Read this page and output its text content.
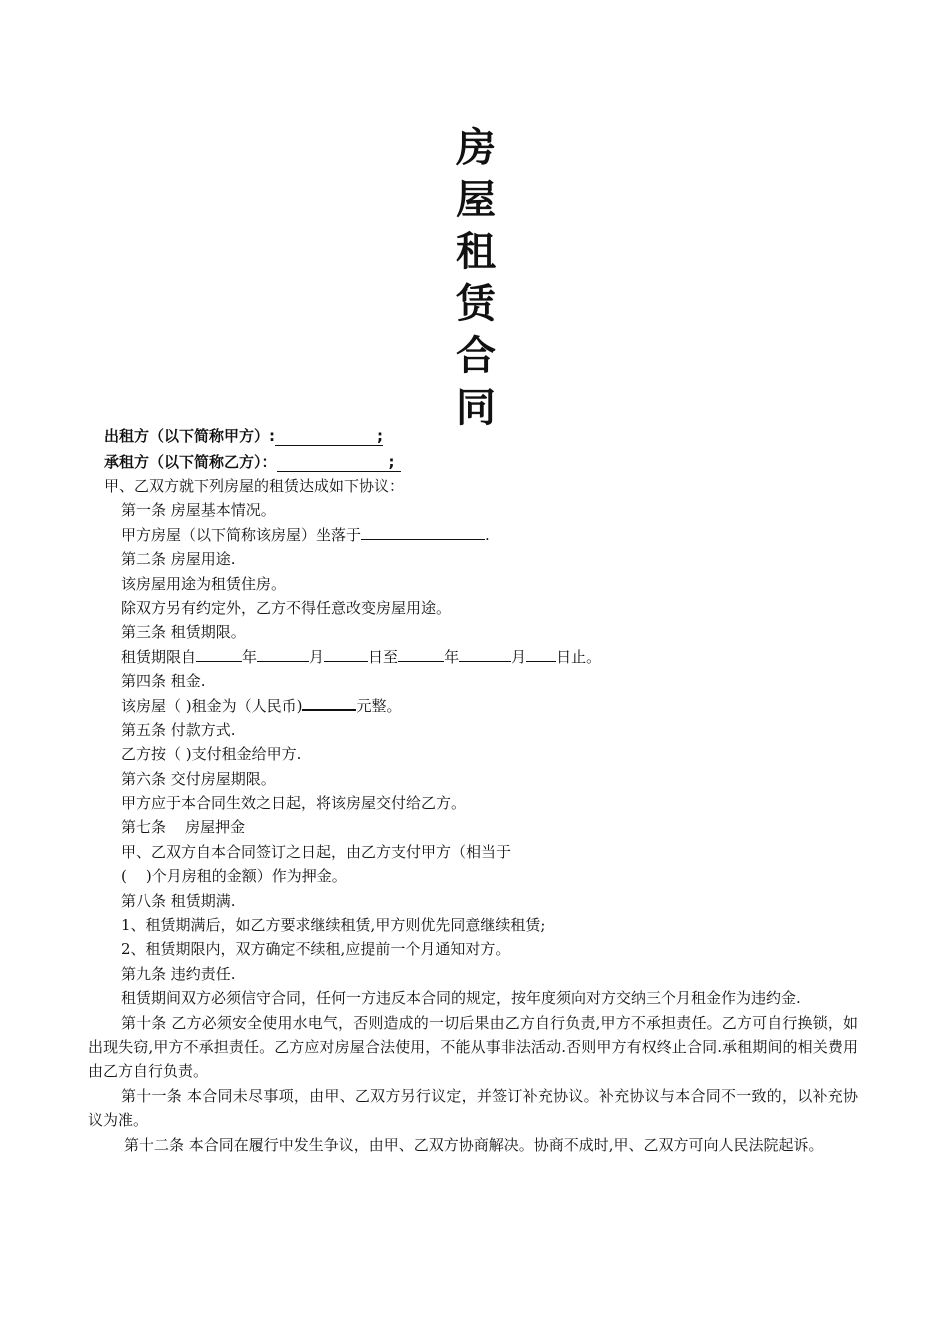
房
屋
租
赁
合
同
出租方（以下简称甲方）:	;
承租方（以下简称乙方）：	;
甲、乙双方就下列房屋的租赁达成如下协议：
第一条 房屋基本情况。
甲方房屋（以下简称该房屋）坐落于	.
第二条 房屋用途.
该房屋用途为租赁住房。
除双方另有约定外，乙方不得任意改变房屋用途。
第三条 租赁期限。
租赁期限自	年	月	日至	年	月 日止。
第四条 租金.
该房屋（ )租金为（人民币)	元整。
第五条 付款方式.
乙方按（ )支付租金给甲方.
第六条 交付房屋期限。
甲方应于本合同生效之日起，将该房屋交付给乙方。
第七条    房屋押金
甲、乙双方自本合同签订之日起，由乙方支付甲方（相当于
(    )个月房租的金额）作为押金。
第八条 租赁期满.
1、租赁期满后，如乙方要求继续租赁,甲方则优先同意继续租赁;
2、租赁期限内，双方确定不续租,应提前一个月通知对方。
第九条 违约责任.

租赁期间双方必须信守合同，任何一方违反本合同的规定，按年度须向对方交纳三个月租金作为违约金.

第十条 乙方必须安全使用水电气，否则造成的一切后果由乙方自行负责,甲方不承担责任。乙方可自行换锁，如出现失窃,甲方不承担责任。乙方应对房屋合法使用，不能从事非法活动.否则甲方有权终止合同.承租期间的相关费用由乙方自行负责。

第十一条 本合同未尽事项，由甲、乙双方另行议定，并签订补充协议。补充协议与本合同不一致的，以补充协议为准。

第十二条 本合同在履行中发生争议，由甲、乙双方协商解决。协商不成时,甲、乙双方可向人民法院起诉。
